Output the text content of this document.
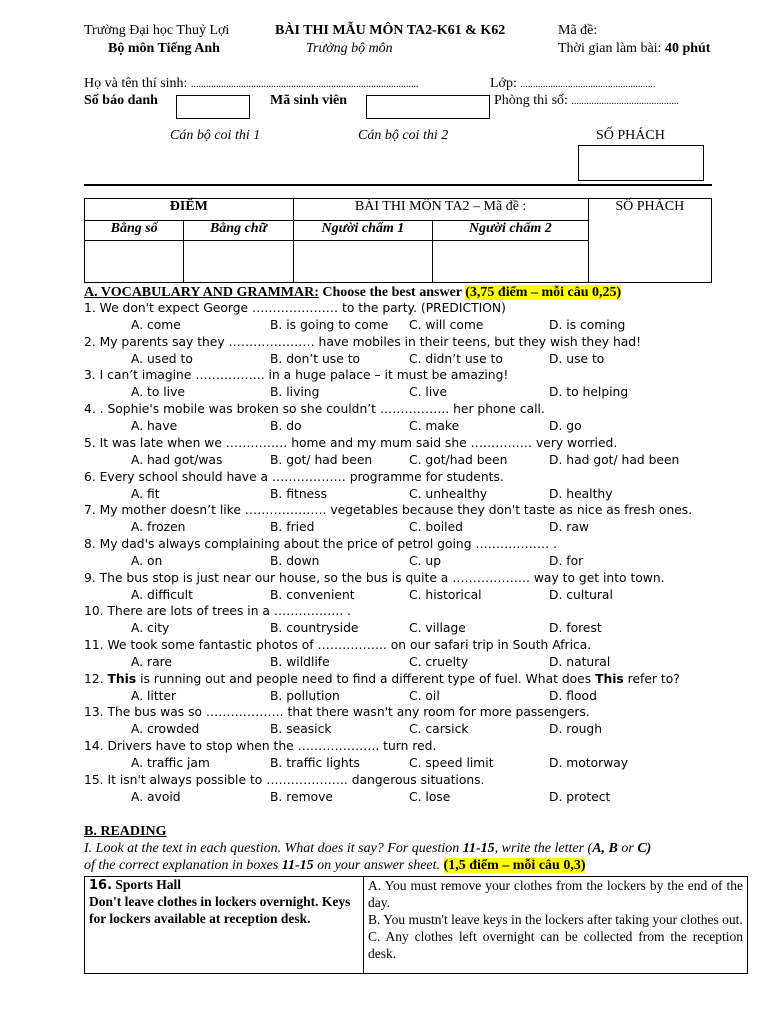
Trường Đại học Thuỷ Lợi	BÀI THI MẪU MÔN TA2-K61 & K62	Mã đề:
Bộ môn Tiếng Anh	Trưởng bộ môn	Thời gian làm bài: 40 phút
Họ và tên thí sinh: ...........................................................................................	Lớp: ......................................................
Số báo danh	Mã sinh viên	Phòng thi số: ...........................................
Cán bộ coi thi 1	Cán bộ coi thi 2	SỐ PHÁCH
ĐIỂM		BÀI THI MÔN TA2 – Mã đề :		SỐ PHÁCH
Bằng số	Bằng chữ	Người chấm 1	Người chấm 2	

A. VOCABULARY AND GRAMMAR: Choose the best answer (3,75 điểm – mỗi câu 0,25)
1. We don't expect George ………………… to the party. (PREDICTION)
A. come	B. is going to come C. will come	D. is coming
2. My parents say they ………………… have mobiles in their teens, but they wish they had!
A. used to	B. don’t use to	C. didn’t use to	D. use to
3. I can’t imagine …………….. in a huge palace – it must be amazing!
A. to live	B. living	C. live	D. to helping
4. . Sophie's mobile was broken so she couldn’t …………….. her phone call.
A. have	B. do	C. make	D. go
5. It was late when we …………… home and my mum said she …………… very worried.
A. had got/was	B. got/ had been	C. got/had been	D. had got/ had been
6. Every school should have a ……………… programme for students.
A. fit	B. fitness	C. unhealthy	D. healthy
7. My mother doesn’t like ……………….. vegetables because they don't taste as nice as fresh ones.
A. frozen	B. fried	C. boiled	D. raw
8. My dad's always complaining about the price of petrol going ……………… .
A. on	B. down	C. up	D. for
9. The bus stop is just near our house, so the bus is quite a ………………. way to get into town.
A. difficult	B. convenient	C. historical	D. cultural
10. There are lots of trees in a …………….. .
A. city	B. countryside	C. village	D. forest
11. We took some fantastic photos of …………….. on our safari trip in South Africa.
A. rare	B. wildlife	C. cruelty	D. natural
12. This is running out and people need to find a different type of fuel. What does This refer to?
A. litter	B. pollution	C. oil	D. flood
13. The bus was so ………………. that there wasn't any room for more passengers.
A. crowded	B. seasick	C. carsick	D. rough
14. Drivers have to stop when the ……………….. turn red.
A. traffic jam	B. traffic lights	C. speed limit	D. motorway
15. It isn't always possible to ……………….. dangerous situations.
A. avoid	B. remove	C. lose	D. protect
B. READING
I. Look at the text in each question. What does it say? For question 11-15, write the letter (A, B or C)
of the correct explanation in boxes 11-15 on your answer sheet. (1,5 điểm – mỗi câu 0,3)
16. Sports Hall
Don't leave clothes in lockers overnight. Keys for lockers available at reception desk.

A. You must remove your clothes from the lockers by the end of the day.
B. You mustn't leave keys in the lockers after taking your clothes out.
C. Any clothes left overnight can be collected from the reception desk.
